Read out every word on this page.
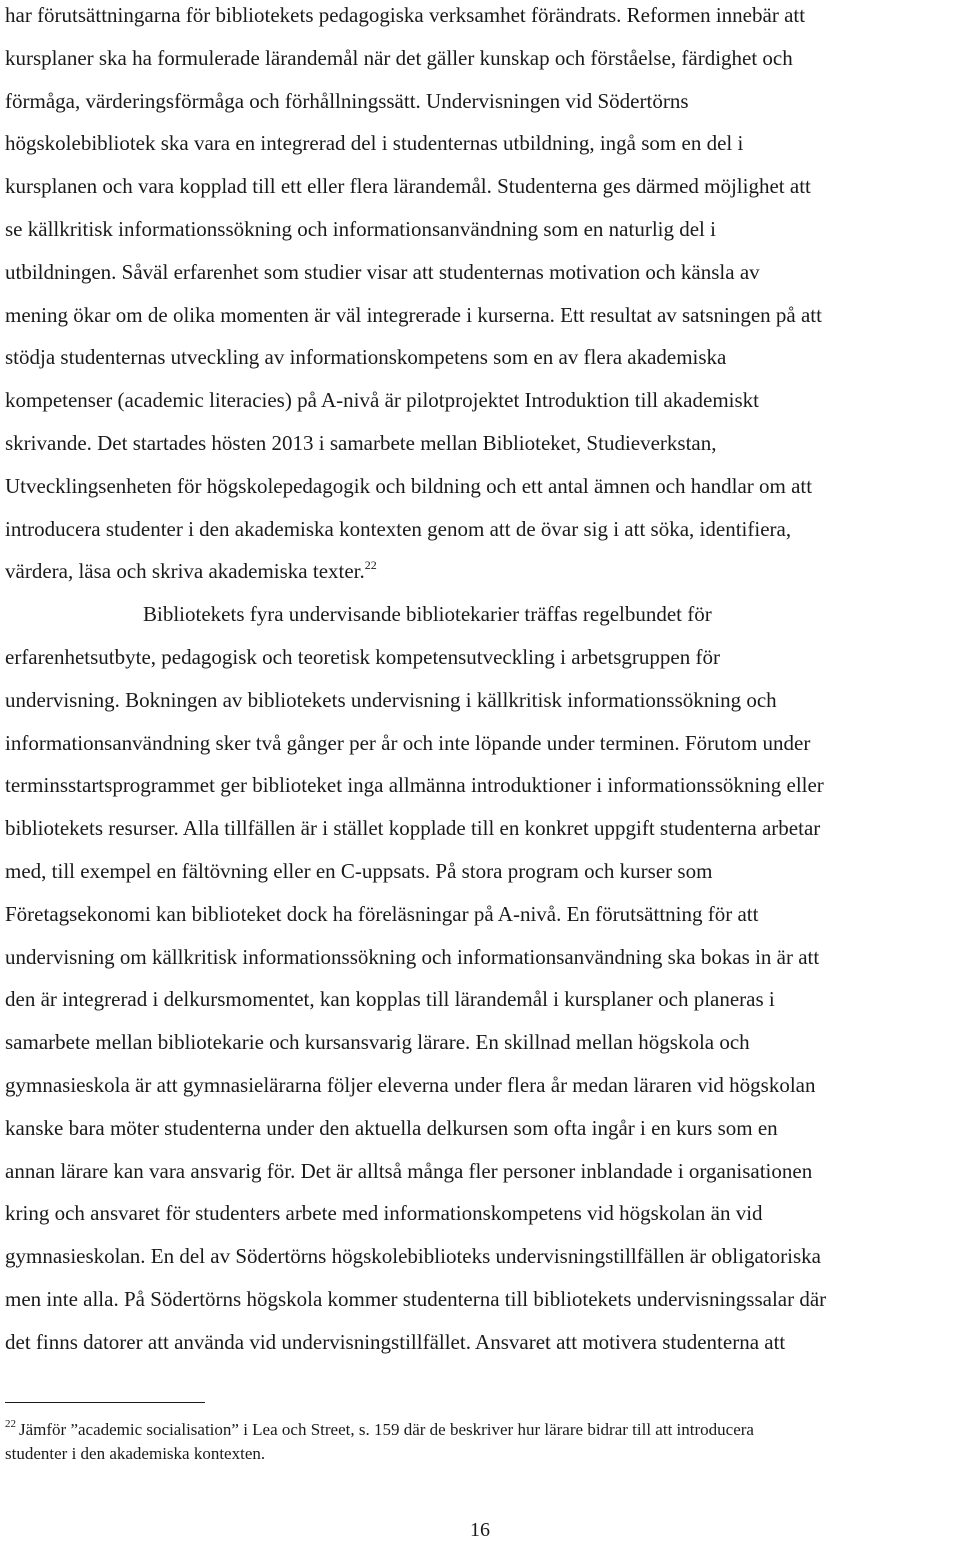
har förutsättningarna för bibliotekets pedagogiska verksamhet förändrats. Reformen innebär att
kursplaner ska ha formulerade lärandemål när det gäller kunskap och förståelse, färdighet och
förmåga, värderingsförmåga och förhållningssätt. Undervisningen vid Södertörns
högskolebibliotek ska vara en integrerad del i studenternas utbildning, ingå som en del i
kursplanen och vara kopplad till ett eller flera lärandemål. Studenterna ges därmed möjlighet att
se källkritisk informationssökning och informationsanvändning som en naturlig del i
utbildningen. Såväl erfarenhet som studier visar att studenternas motivation och känsla av
mening ökar om de olika momenten är väl integrerade i kurserna. Ett resultat av satsningen på att
stödja studenternas utveckling av informationskompetens som en av flera akademiska
kompetenser (academic literacies) på A-nivå är pilotprojektet Introduktion till akademiskt
skrivande. Det startades hösten 2013 i samarbete mellan Biblioteket, Studieverkstan,
Utvecklingsenheten för högskolepedagogik och bildning och ett antal ämnen och handlar om att
introducera studenter i den akademiska kontexten genom att de övar sig i att söka, identifiera,
värdera, läsa och skriva akademiska texter.$^{22}$
Bibliotekets fyra undervisande bibliotekarier träffas regelbundet för
erfarenhetsutbyte, pedagogisk och teoretisk kompetensutveckling i arbetsgruppen för
undervisning. Bokningen av bibliotekets undervisning i källkritisk informationssökning och
informationsanvändning sker två gånger per år och inte löpande under terminen. Förutom under
terminsstartsprogrammet ger biblioteket inga allmänna introduktioner i informationssökning eller
bibliotekets resurser. Alla tillfällen är i stället kopplade till en konkret uppgift studenterna arbetar
med, till exempel en fältövning eller en C-uppsats. På stora program och kurser som
Företagsekonomi kan biblioteket dock ha föreläsningar på A-nivå. En förutsättning för att
undervisning om källkritisk informationssökning och informationsanvändning ska bokas in är att
den är integrerad i delkursmomentet, kan kopplas till lärandemål i kursplaner och planeras i
samarbete mellan bibliotekarie och kursansvarig lärare. En skillnad mellan högskola och
gymnasieskola är att gymnasielärarna följer eleverna under flera år medan läraren vid högskolan
kanske bara möter studenterna under den aktuella delkursen som ofta ingår i en kurs som en
annan lärare kan vara ansvarig för. Det är alltså många fler personer inblandade i organisationen
kring och ansvaret för studenters arbete med informationskompetens vid högskolan än vid
gymnasieskolan. En del av Södertörns högskolebiblioteks undervisningstillfällen är obligatoriska
men inte alla. På Södertörns högskola kommer studenterna till bibliotekets undervisningssalar där
det finns datorer att använda vid undervisningstillfället. Ansvaret att motivera studenterna att
$^{22}$ Jämför ”academic socialisation” i Lea och Street, s. 159 där de beskriver hur lärare bidrar till att introducera
studenter i den akademiska kontexten.
16
